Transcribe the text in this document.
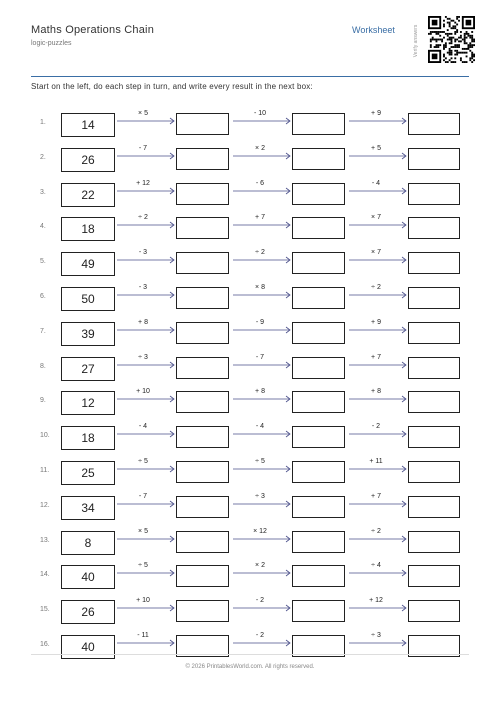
Maths Operations Chain
logic-puzzles
Worksheet	Verify answers
Start on the left, do each step in turn, and write every result in the next box:
1.	14
× 5	- 10	+ 9
2.	26
- 7	× 2	+ 5
3.	22
+ 12	- 6	- 4
4.	18
÷ 2	+ 7	× 7
5.	49
- 3	÷ 2	× 7
6.	50
- 3	× 8	÷ 2
7.	39
+ 8	- 9	+ 9
8.	27
÷ 3	- 7	+ 7
9.	12
+ 10	+ 8	+ 8
10.	18
- 4	- 4	- 2
11.	25
÷ 5	÷ 5	+ 11
12.	34
- 7	÷ 3	+ 7
13.	8
× 5	× 12	÷ 2
14.	40
÷ 5	× 2	÷ 4
15.	26
+ 10	- 2	+ 12
16.	40
- 11	- 2	÷ 3
© 2026 PrintablesWorld.com. All rights reserved.
